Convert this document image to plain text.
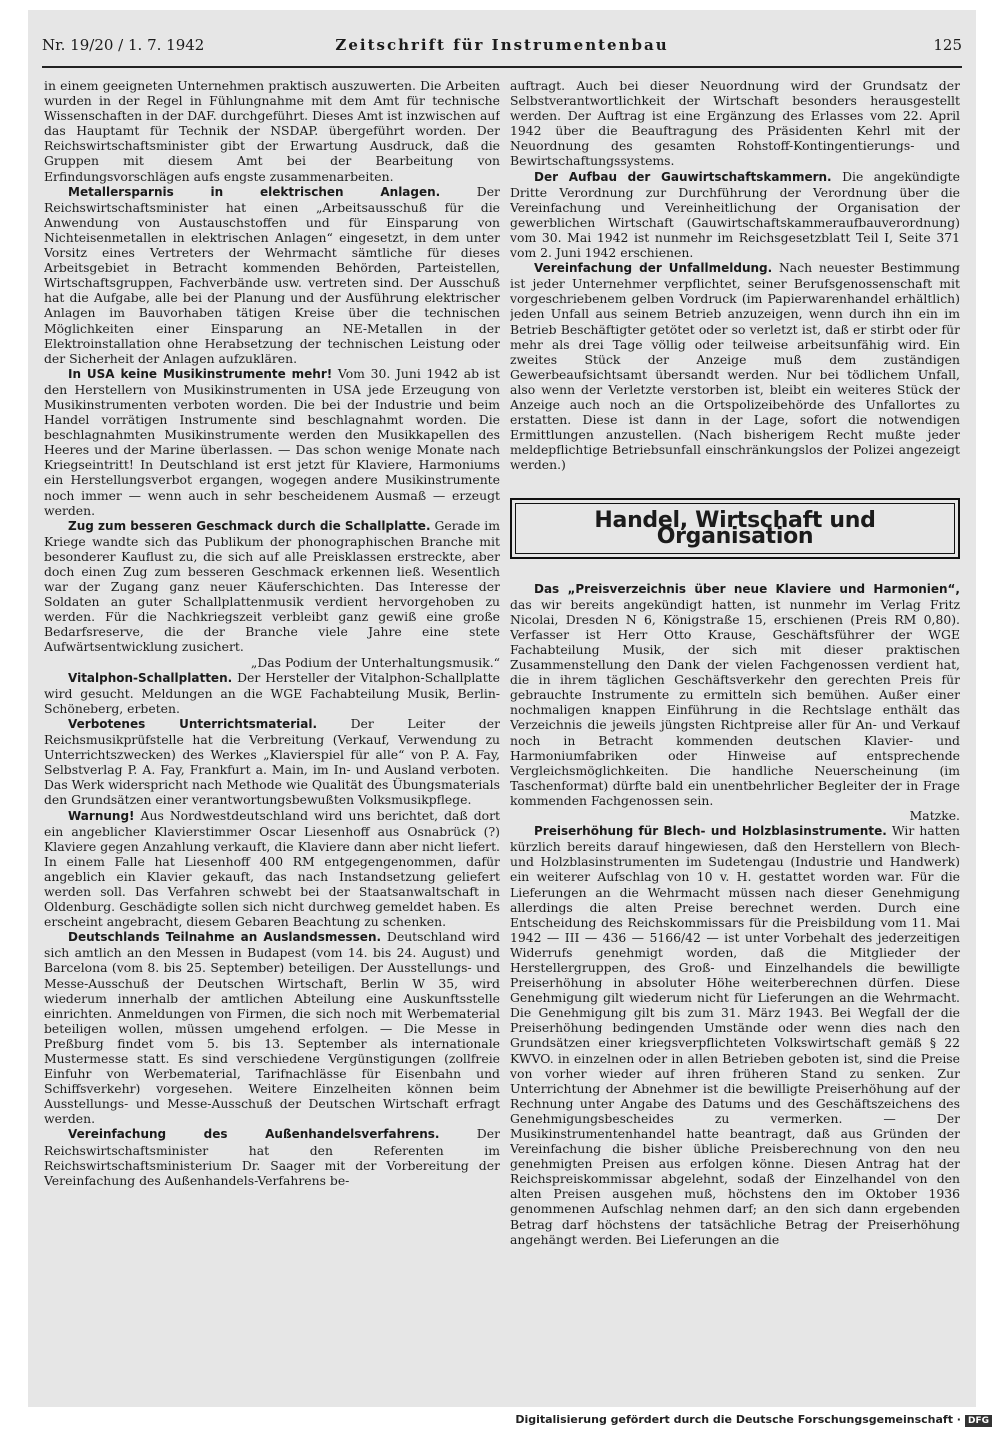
Nr. 19/20 / 1. 7. 1942	Zeitschrift für Instrumentenbau	125

in einem geeigneten Unternehmen praktisch auszuwerten. Die Arbeiten wurden in der Regel in Fühlungnahme mit dem Amt für technische Wissenschaften in der DAF. durchgeführt. Dieses Amt ist inzwischen auf das Hauptamt für Technik der NSDAP. übergeführt worden. Der Reichswirtschaftsminister gibt der Erwartung Ausdruck, daß die Gruppen mit diesem Amt bei der Bearbeitung von Erfindungsvorschlägen aufs engste zusammenarbeiten.

Metallersparnis in elektrischen Anlagen.	Der Reichswirtschaftsminister hat einen „Arbeitsausschuß für die Anwendung von Austauschstoffen und für Einsparung von Nichteisenmetallen in elektrischen Anlagen“ eingesetzt, in dem unter Vorsitz eines Vertreters der Wehrmacht sämtliche für dieses Arbeitsgebiet in Betracht kommenden Behörden, Parteistellen, Wirtschaftsgruppen, Fachverbände usw. vertreten sind. Der Ausschuß hat die Aufgabe, alle bei der Planung und der Ausführung elektrischer Anlagen im Bauvorhaben tätigen Kreise über die technischen Möglichkeiten einer Einsparung an NE-Metallen in der Elektroinstallation ohne Herabsetzung der technischen Leistung oder der Sicherheit der Anlagen aufzuklären.

In USA keine Musikinstrumente mehr! Vom 30. Juni 1942 ab ist den Herstellern von Musikinstrumenten in USA jede Erzeugung von Musikinstrumenten verboten worden. Die bei der Industrie und beim Handel vorrätigen Instrumente sind beschlagnahmt worden. Die beschlagnahmten Musikinstrumente werden den Musikkapellen des Heeres und der Marine überlassen. — Das schon wenige Monate nach Kriegseintritt! In Deutschland ist erst jetzt für Klaviere, Harmoniums ein Herstellungsverbot ergangen, wogegen andere Musikinstrumente noch immer — wenn auch in sehr bescheidenem Ausmaß — erzeugt werden.

Zug zum besseren Geschmack durch die Schallplatte. Gerade im Kriege wandte sich das Publikum der phonographischen Branche mit besonderer Kauflust zu, die sich auf alle Preisklassen erstreckte, aber doch einen Zug zum besseren Geschmack erkennen ließ. Wesentlich war der Zugang ganz neuer Käuferschichten. Das Interesse der Soldaten an guter Schallplattenmusik verdient hervorgehoben zu werden. Für die Nachkriegszeit verbleibt ganz gewiß eine große Bedarfsreserve, die der Branche viele Jahre eine stete Aufwärtsentwicklung zusichert.

„Das Podium der Unterhaltungsmusik.“

Vitalphon-Schallplatten. Der Hersteller der Vitalphon-Schallplatte wird gesucht. Meldungen an die WGE Fachabteilung Musik, Berlin-Schöneberg, erbeten.

Verbotenes Unterrichtsmaterial.	Der Leiter der Reichsmusikprüfstelle hat die Verbreitung (Verkauf, Verwendung zu Unterrichtszwecken) des Werkes „Klavierspiel für alle“ von P. A. Fay, Selbstverlag P. A. Fay, Frankfurt a. Main, im In- und Ausland verboten. Das Werk widerspricht nach Methode wie Qualität des Übungsmaterials den Grundsätzen einer verantwortungsbewußten Volksmusikpflege.

Warnung! Aus Nordwestdeutschland wird uns berichtet, daß dort ein angeblicher Klavierstimmer Oscar Liesenhoff aus Osnabrück (?) Klaviere gegen Anzahlung verkauft, die Klaviere dann aber nicht liefert. In einem Falle hat Liesenhoff 400 RM entgegengenommen, dafür angeblich ein Klavier gekauft, das nach Instandsetzung geliefert werden soll. Das Verfahren schwebt bei der Staatsanwaltschaft in Oldenburg. Geschädigte sollen sich nicht durchweg gemeldet haben. Es erscheint angebracht, diesem Gebaren Beachtung zu schenken.

Deutschlands Teilnahme an Auslandsmessen. Deutschland wird sich amtlich an den Messen in Budapest (vom 14. bis 24. August) und Barcelona (vom 8. bis 25. September) beteiligen. Der Ausstellungs- und Messe-Ausschuß der Deutschen Wirtschaft, Berlin W 35, wird wiederum innerhalb der amtlichen Abteilung eine Auskunftsstelle einrichten. Anmeldungen von Firmen, die sich noch mit Werbematerial beteiligen wollen, müssen umgehend erfolgen. — Die Messe in Preßburg findet vom 5. bis 13. September als internationale Mustermesse statt. Es sind verschiedene Vergünstigungen (zollfreie Einfuhr von Werbematerial, Tarifnachlässe für Eisenbahn und Schiffsverkehr) vorgesehen. Weitere Einzelheiten können beim Ausstellungs- und Messe-Ausschuß der Deutschen Wirtschaft erfragt werden.

Vereinfachung des Außenhandelsverfahrens.	Der Reichswirtschaftsminister hat den Referenten im Reichswirtschaftsministerium Dr. Saager mit der Vorbereitung der Vereinfachung des Außenhandels-Verfahrens be-

auftragt. Auch bei dieser Neuordnung wird der Grundsatz der Selbstverantwortlichkeit der Wirtschaft besonders herausgestellt werden. Der Auftrag ist eine Ergänzung des Erlasses vom 22. April 1942 über die Beauftragung des Präsidenten Kehrl mit der Neuordnung des gesamten Rohstoff-Kontingentierungs- und Bewirtschaftungssystems.

Der Aufbau der Gauwirtschaftskammern. Die angekündigte Dritte Verordnung zur Durchführung der Verordnung über die Vereinfachung und Vereinheitlichung der Organisation der gewerblichen Wirtschaft (Gauwirtschaftskammeraufbauverordnung) vom 30. Mai 1942 ist nunmehr im Reichsgesetzblatt Teil I, Seite 371 vom 2. Juni 1942 erschienen.

Vereinfachung der Unfallmeldung. Nach neuester Bestimmung ist jeder Unternehmer verpflichtet, seiner Berufsgenossenschaft mit vorgeschriebenem gelben Vordruck (im Papierwarenhandel erhältlich) jeden Unfall aus seinem Betrieb anzuzeigen, wenn durch ihn ein im Betrieb Beschäftigter getötet oder so verletzt ist, daß er stirbt oder für mehr als drei Tage völlig oder teilweise arbeitsunfähig wird. Ein zweites Stück der Anzeige muß dem zuständigen Gewerbeaufsichtsamt übersandt werden. Nur bei tödlichem Unfall, also wenn der Verletzte verstorben ist, bleibt ein weiteres Stück der Anzeige auch noch an die Ortspolizeibehörde des Unfallortes zu erstatten. Diese ist dann in der Lage, sofort die notwendigen Ermittlungen anzustellen. (Nach bisherigem Recht mußte jeder meldepflichtige Betriebsunfall einschränkungslos der Polizei angezeigt werden.)

Handel, Wirtschaft und Organisation

Das „Preisverzeichnis über neue Klaviere und Harmonien“, das wir bereits angekündigt hatten, ist nunmehr im Verlag Fritz Nicolai, Dresden N 6, Königstraße 15, erschienen (Preis RM 0,80). Verfasser ist Herr Otto Krause, Geschäftsführer der WGE Fachabteilung Musik, der sich mit dieser praktischen Zusammenstellung den Dank der vielen Fachgenossen verdient hat, die in ihrem täglichen Geschäftsverkehr den gerechten Preis für gebrauchte Instrumente zu ermitteln sich bemühen. Außer einer nochmaligen knappen Einführung in die Rechtslage enthält das Verzeichnis die jeweils jüngsten Richtpreise aller für An- und Verkauf noch in Betracht kommenden deutschen Klavier- und Harmoniumfabriken oder Hinweise auf entsprechende Vergleichsmöglichkeiten. Die handliche Neuerscheinung (im Taschenformat) dürfte bald ein unentbehrlicher Begleiter der in Frage kommenden Fachgenossen sein.

Matzke.

Preiserhöhung für Blech- und Holzblasinstrumente. Wir hatten kürzlich bereits darauf hingewiesen, daß den Herstellern von Blech- und Holzblasinstrumenten im Sudetengau (Industrie und Handwerk) ein weiterer Aufschlag von 10 v. H. gestattet worden war. Für die Lieferungen an die Wehrmacht müssen nach dieser Genehmigung allerdings die alten Preise berechnet werden. Durch eine Entscheidung des Reichskommissars für die Preisbildung vom 11. Mai 1942 — III — 436 — 5166/42 — ist unter Vorbehalt des jederzeitigen Widerrufs genehmigt worden, daß die Mitglieder der Herstellergruppen, des Groß- und Einzelhandels die bewilligte Preiserhöhung in absoluter Höhe weiterberechnen dürfen. Diese Genehmigung gilt wiederum nicht für Lieferungen an die Wehrmacht. Die Genehmigung gilt bis zum 31. März 1943. Bei Wegfall der die Preiserhöhung bedingenden Umstände oder wenn dies nach den Grundsätzen einer kriegsverpflichteten Volkswirtschaft gemäß § 22 KWVO. in einzelnen oder in allen Betrieben geboten ist, sind die Preise von vorher wieder auf ihren früheren Stand zu senken. Zur Unterrichtung der Abnehmer ist die bewilligte Preiserhöhung auf der Rechnung unter Angabe des Datums und des Geschäftszeichens des Genehmigungsbescheides zu vermerken. — Der Musikinstrumentenhandel hatte beantragt, daß aus Gründen der Vereinfachung die bisher übliche Preisberechnung von den neu genehmigten Preisen aus erfolgen könne. Diesen Antrag hat der Reichspreiskommissar abgelehnt, sodaß der Einzelhandel von den alten Preisen ausgehen muß, höchstens den im Oktober 1936 genommenen Aufschlag nehmen darf; an den sich dann ergebenden Betrag darf höchstens der tatsächliche Betrag der Preiserhöhung angehängt werden. Bei Lieferungen an die

Digitalisierung gefördert durch die Deutsche Forschungsgemeinschaft · DFG
